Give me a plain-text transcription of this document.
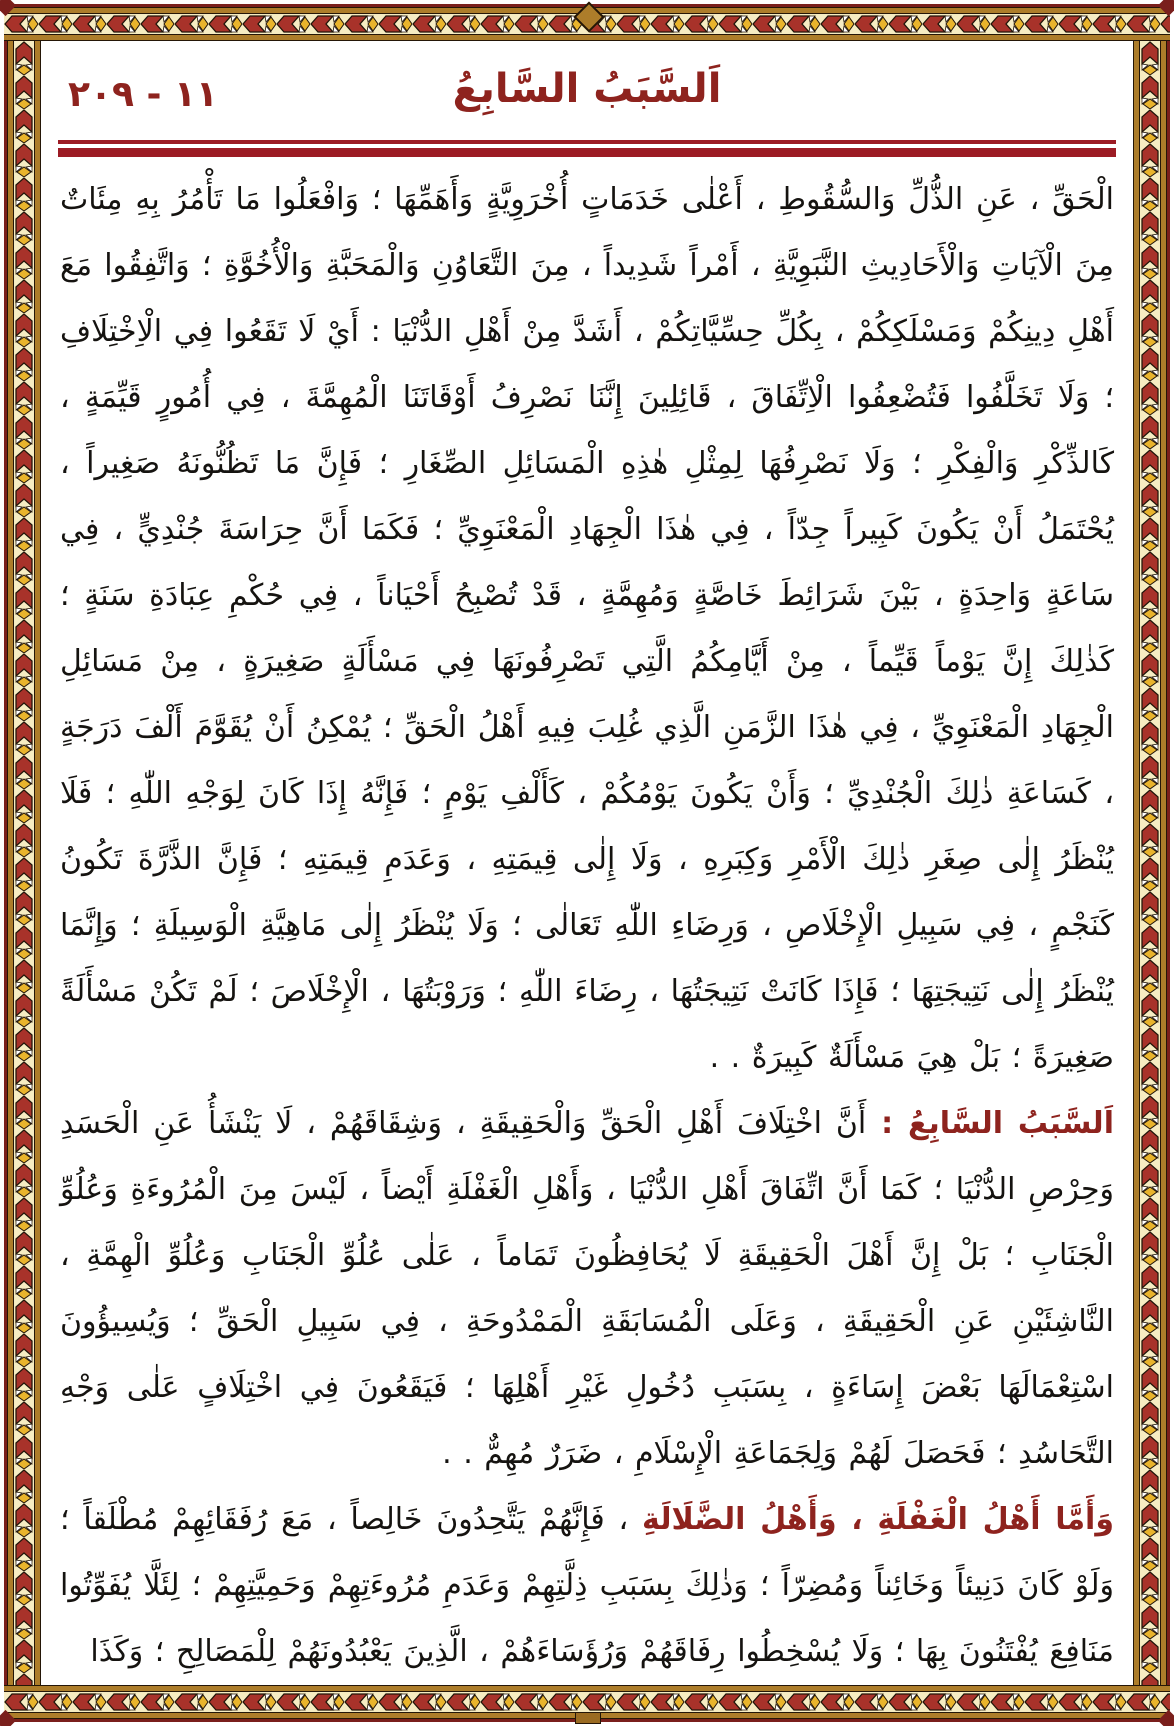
١١ - ٢٠٩	اَلسَّبَبُ السَّابِعُ

الْحَقِّ ، عَنِ الذُّلِّ وَالسُّقُوطِ ، أَعْلٰى خَدَمَاتٍ أُخْرَوِيَّةٍ وَأَهَمِّهَا ؛ وَافْعَلُوا مَا تَأْمُرُ بِهِ مِئَاتٌ مِنَ الْآيَاتِ وَالْأَحَادِيثِ النَّبَوِيَّةِ ، أَمْراً شَدِيداً ، مِنَ التَّعَاوُنِ وَالْمَحَبَّةِ وَالْأُخُوَّةِ ؛ وَاتَّفِقُوا مَعَ أَهْلِ دِينِكُمْ وَمَسْلَكِكُمْ ، بِكُلِّ حِسِّيَّاتِكُمْ ، أَشَدَّ مِنْ أَهْلِ الدُّنْيَا : أَيْ لَا تَقَعُوا فِي الْاِخْتِلَافِ ؛ وَلَا تَخَلَّفُوا فَتُضْعِفُوا الْاِتِّفَاقَ ، قَائِلِينَ إِنَّنَا نَصْرِفُ أَوْقَاتَنَا الْمُهِمَّةَ ، فِي أُمُورٍ قَيِّمَةٍ ، كَالذِّكْرِ وَالْفِكْرِ ؛ وَلَا نَصْرِفُهَا لِمِثْلِ هٰذِهِ الْمَسَائِلِ الصِّغَارِ ؛ فَإِنَّ مَا تَظُنُّونَهُ صَغِيراً ، يُحْتَمَلُ أَنْ يَكُونَ كَبِيراً جِدّاً ، فِي هٰذَا الْجِهَادِ الْمَعْنَوِيِّ ؛ فَكَمَا أَنَّ حِرَاسَةَ جُنْدِيٍّ ، فِي سَاعَةٍ وَاحِدَةٍ ، بَيْنَ شَرَائِطَ خَاصَّةٍ وَمُهِمَّةٍ ، قَدْ تُصْبِحُ أَحْيَاناً ، فِي حُكْمِ عِبَادَةِ سَنَةٍ ؛ كَذٰلِكَ إِنَّ يَوْماً قَيِّماً ، مِنْ أَيَّامِكُمُ الَّتِي تَصْرِفُونَهَا فِي مَسْأَلَةٍ صَغِيرَةٍ ، مِنْ مَسَائِلِ الْجِهَادِ الْمَعْنَوِيِّ ، فِي هٰذَا الزَّمَنِ الَّذِي غُلِبَ فِيهِ أَهْلُ الْحَقِّ ؛ يُمْكِنُ أَنْ يُقَوَّمَ أَلْفَ دَرَجَةٍ ، كَسَاعَةِ ذٰلِكَ الْجُنْدِيِّ ؛ وَأَنْ يَكُونَ يَوْمُكُمْ ، كَأَلْفِ يَوْمٍ ؛ فَإِنَّهُ إِذَا كَانَ لِوَجْهِ اللّٰهِ ؛ فَلَا يُنْظَرُ إِلٰى صِغَرِ ذٰلِكَ الْأَمْرِ وَكِبَرِهِ ، وَلَا إِلٰى قِيمَتِهِ ، وَعَدَمِ قِيمَتِهِ ؛ فَإِنَّ الذَّرَّةَ تَكُونُ كَنَجْمٍ ، فِي سَبِيلِ الْإِخْلَاصِ ، وَرِضَاءِ اللّٰهِ تَعَالٰى ؛ وَلَا يُنْظَرُ إِلٰى مَاهِيَّةِ الْوَسِيلَةِ ؛ وَإِنَّمَا يُنْظَرُ إِلٰى نَتِيجَتِهَا ؛ فَإِذَا كَانَتْ نَتِيجَتُهَا ، رِضَاءَ اللّٰهِ ؛ وَرَوْبَتُهَا ، الْإِخْلَاصَ ؛ لَمْ تَكُنْ مَسْأَلَةً صَغِيرَةً ؛ بَلْ هِيَ مَسْأَلَةٌ كَبِيرَةٌ . .

اَلسَّبَبُ السَّابِعُ : أَنَّ اخْتِلَافَ أَهْلِ الْحَقِّ وَالْحَقِيقَةِ ، وَشِقَاقَهُمْ ، لَا يَنْشَأُ عَنِ الْحَسَدِ وَحِرْصِ الدُّنْيَا ؛ كَمَا أَنَّ اتِّفَاقَ أَهْلِ الدُّنْيَا ، وَأَهْلِ الْغَفْلَةِ أَيْضاً ، لَيْسَ مِنَ الْمُرُوءَةِ وَعُلُوِّ الْجَنَابِ ؛ بَلْ إِنَّ أَهْلَ الْحَقِيقَةِ لَا يُحَافِظُونَ تَمَاماً ، عَلٰى عُلُوِّ الْجَنَابِ وَعُلُوِّ الْهِمَّةِ ، النَّاشِئَيْنِ عَنِ الْحَقِيقَةِ ، وَعَلَى الْمُسَابَقَةِ الْمَمْدُوحَةِ ، فِي سَبِيلِ الْحَقِّ ؛ وَيُسِيؤُونَ اسْتِعْمَالَهَا بَعْضَ إِسَاءَةٍ ، بِسَبَبِ دُخُولِ غَيْرِ أَهْلِهَا ؛ فَيَقَعُونَ فِي اخْتِلَافٍ عَلٰى وَجْهِ التَّحَاسُدِ ؛ فَحَصَلَ لَهُمْ وَلِجَمَاعَةِ الْإِسْلَامِ ، ضَرَرٌ مُهِمٌّ . .

وَأَمَّا أَهْلُ الْغَفْلَةِ ، وَأَهْلُ الضَّلَالَةِ ، فَإِنَّهُمْ يَتَّحِدُونَ خَالِصاً ، مَعَ رُفَقَائِهِمْ مُطْلَقاً ؛ وَلَوْ كَانَ دَنِيئاً وَخَائِناً وَمُضِرّاً ؛ وَذٰلِكَ بِسَبَبِ ذِلَّتِهِمْ وَعَدَمِ مُرُوءَتِهِمْ وَحَمِيَّتِهِمْ ؛ لِئَلَّا يُفَوِّتُوا مَنَافِعَ يُفْتَنُونَ بِهَا ؛ وَلَا يُسْخِطُوا رِفَاقَهُمْ وَرُؤَسَاءَهُمْ ، الَّذِينَ يَعْبُدُونَهُمْ لِلْمَصَالِحِ ؛ وَكَذَا
